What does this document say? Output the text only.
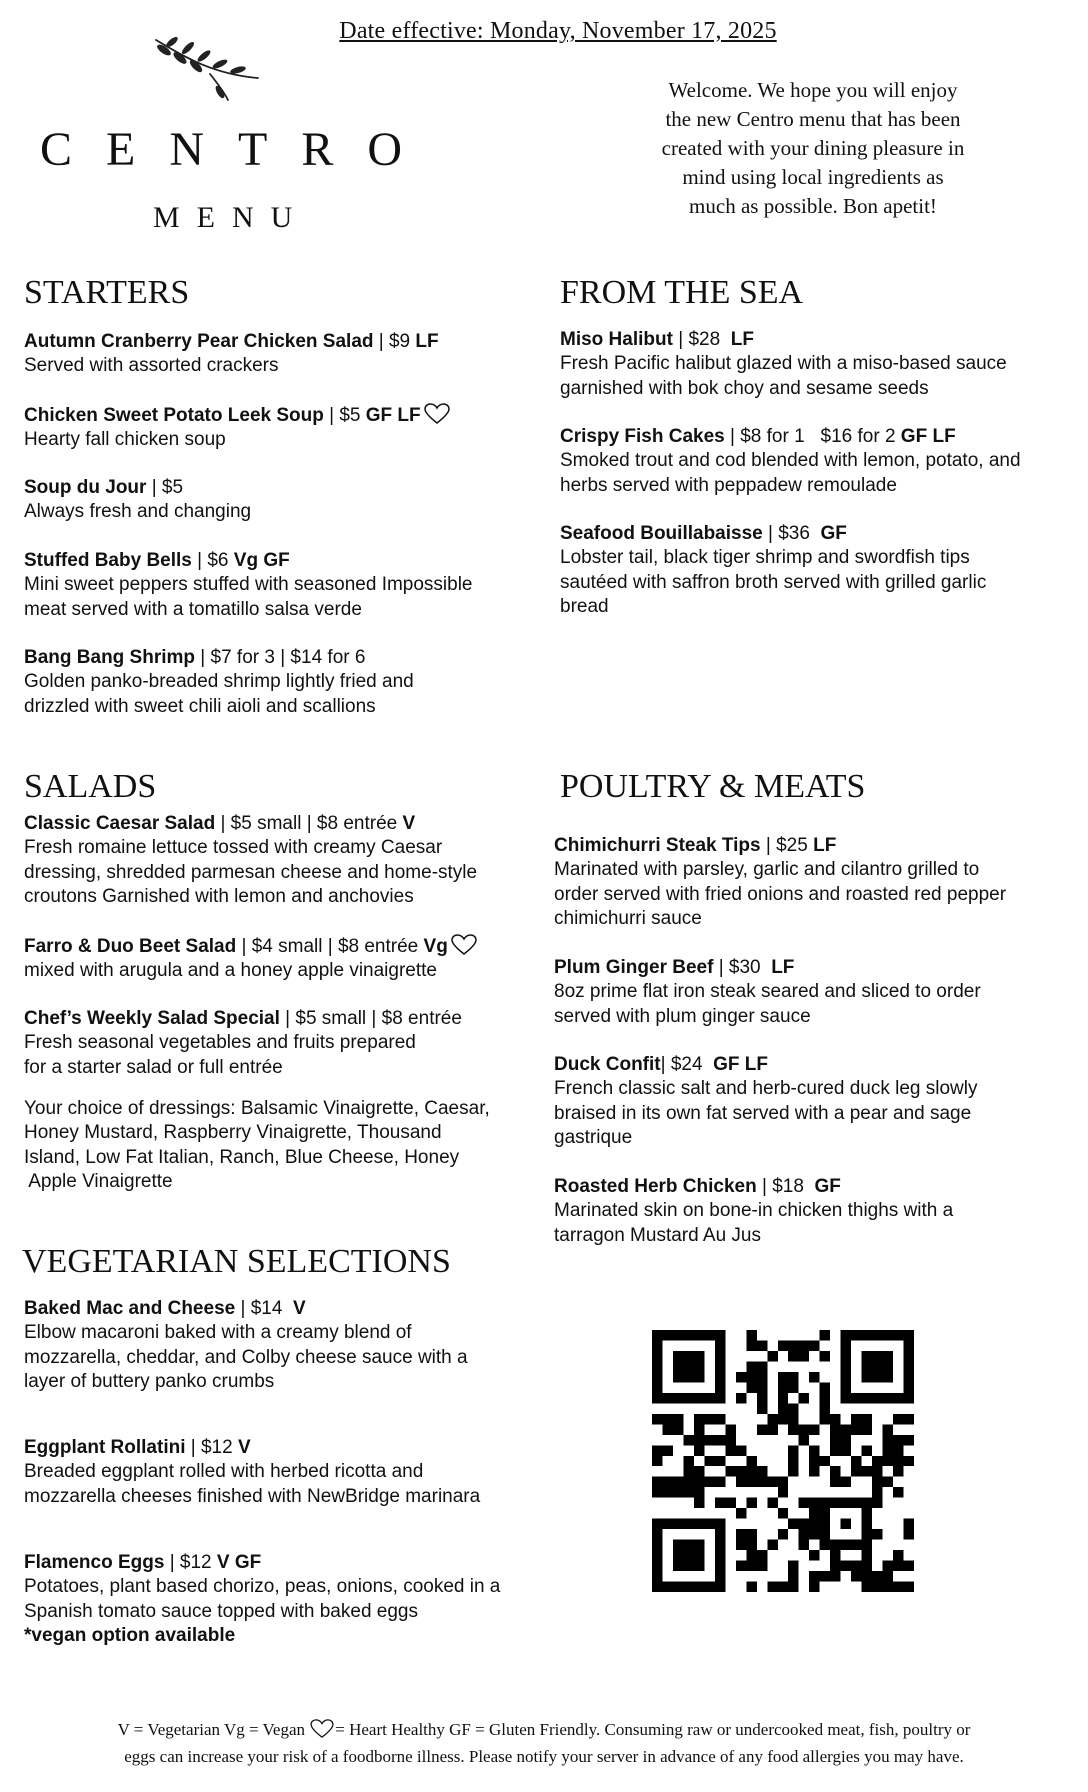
Date effective: Monday, November 17, 2025
CENTRO
MENU
Welcome. We hope you will enjoy
the new Centro menu that has been
created with your dining pleasure in
mind using local ingredients as
much as possible. Bon apetit!
STARTERS	FROM THE SEA
SALADS	POULTRY & MEATS
VEGETARIAN SELECTIONS
Autumn Cranberry Pear Chicken Salad | $9 LF
Served with assorted crackers
Chicken Sweet Potato Leek Soup | $5 GF LF
Hearty fall chicken soup
Soup du Jour | $5
Always fresh and changing
Stuffed Baby Bells | $6 Vg GF
Mini sweet peppers stuffed with seasoned Impossible
meat served with a tomatillo salsa verde
Bang Bang Shrimp | $7 for 3 | $14 for 6
Golden panko-breaded shrimp lightly fried and
drizzled with sweet chili aioli and scallions
Miso Halibut | $28  LF
Fresh Pacific halibut glazed with a miso-based sauce
garnished with bok choy and sesame seeds
Crispy Fish Cakes | $8 for 1   $16 for 2 GF LF
Smoked trout and cod blended with lemon, potato, and
herbs served with peppadew remoulade
Seafood Bouillabaisse | $36  GF
Lobster tail, black tiger shrimp and swordfish tips
sautéed with saffron broth served with grilled garlic
bread
Classic Caesar Salad | $5 small | $8 entrée V
Fresh romaine lettuce tossed with creamy Caesar
dressing, shredded parmesan cheese and home-style
croutons Garnished with lemon and anchovies
Farro & Duo Beet Salad | $4 small | $8 entrée Vg
mixed with arugula and a honey apple vinaigrette
Chef’s Weekly Salad Special | $5 small | $8 entrée
Fresh seasonal vegetables and fruits prepared
for a starter salad or full entrée
Chimichurri Steak Tips | $25 LF
Marinated with parsley, garlic and cilantro grilled to
order served with fried onions and roasted red pepper
chimichurri sauce
Plum Ginger Beef | $30  LF
8oz prime flat iron steak seared and sliced to order
served with plum ginger sauce
Duck Confit| $24  GF LF
French classic salt and herb-cured duck leg slowly
braised in its own fat served with a pear and sage
gastrique
Roasted Herb Chicken | $18  GF
Marinated skin on bone-in chicken thighs with a
tarragon Mustard Au Jus
Baked Mac and Cheese | $14  V
Elbow macaroni baked with a creamy blend of
mozzarella, cheddar, and Colby cheese sauce with a
layer of buttery panko crumbs
Eggplant Rollatini | $12 V
Breaded eggplant rolled with herbed ricotta and
mozzarella cheeses finished with NewBridge marinara
Flamenco Eggs | $12 V GF
Potatoes, plant based chorizo, peas, onions, cooked in a
Spanish tomato sauce topped with baked eggs
*vegan option available
Your choice of dressings: Balsamic Vinaigrette, Caesar,
Honey Mustard, Raspberry Vinaigrette, Thousand
Island, Low Fat Italian, Ranch, Blue Cheese, Honey
Apple Vinaigrette
V = Vegetarian Vg = Vegan = Heart Healthy GF = Gluten Friendly. Consuming raw or undercooked meat, fish, poultry or
eggs can increase your risk of a foodborne illness. Please notify your server in advance of any food allergies you may have.
